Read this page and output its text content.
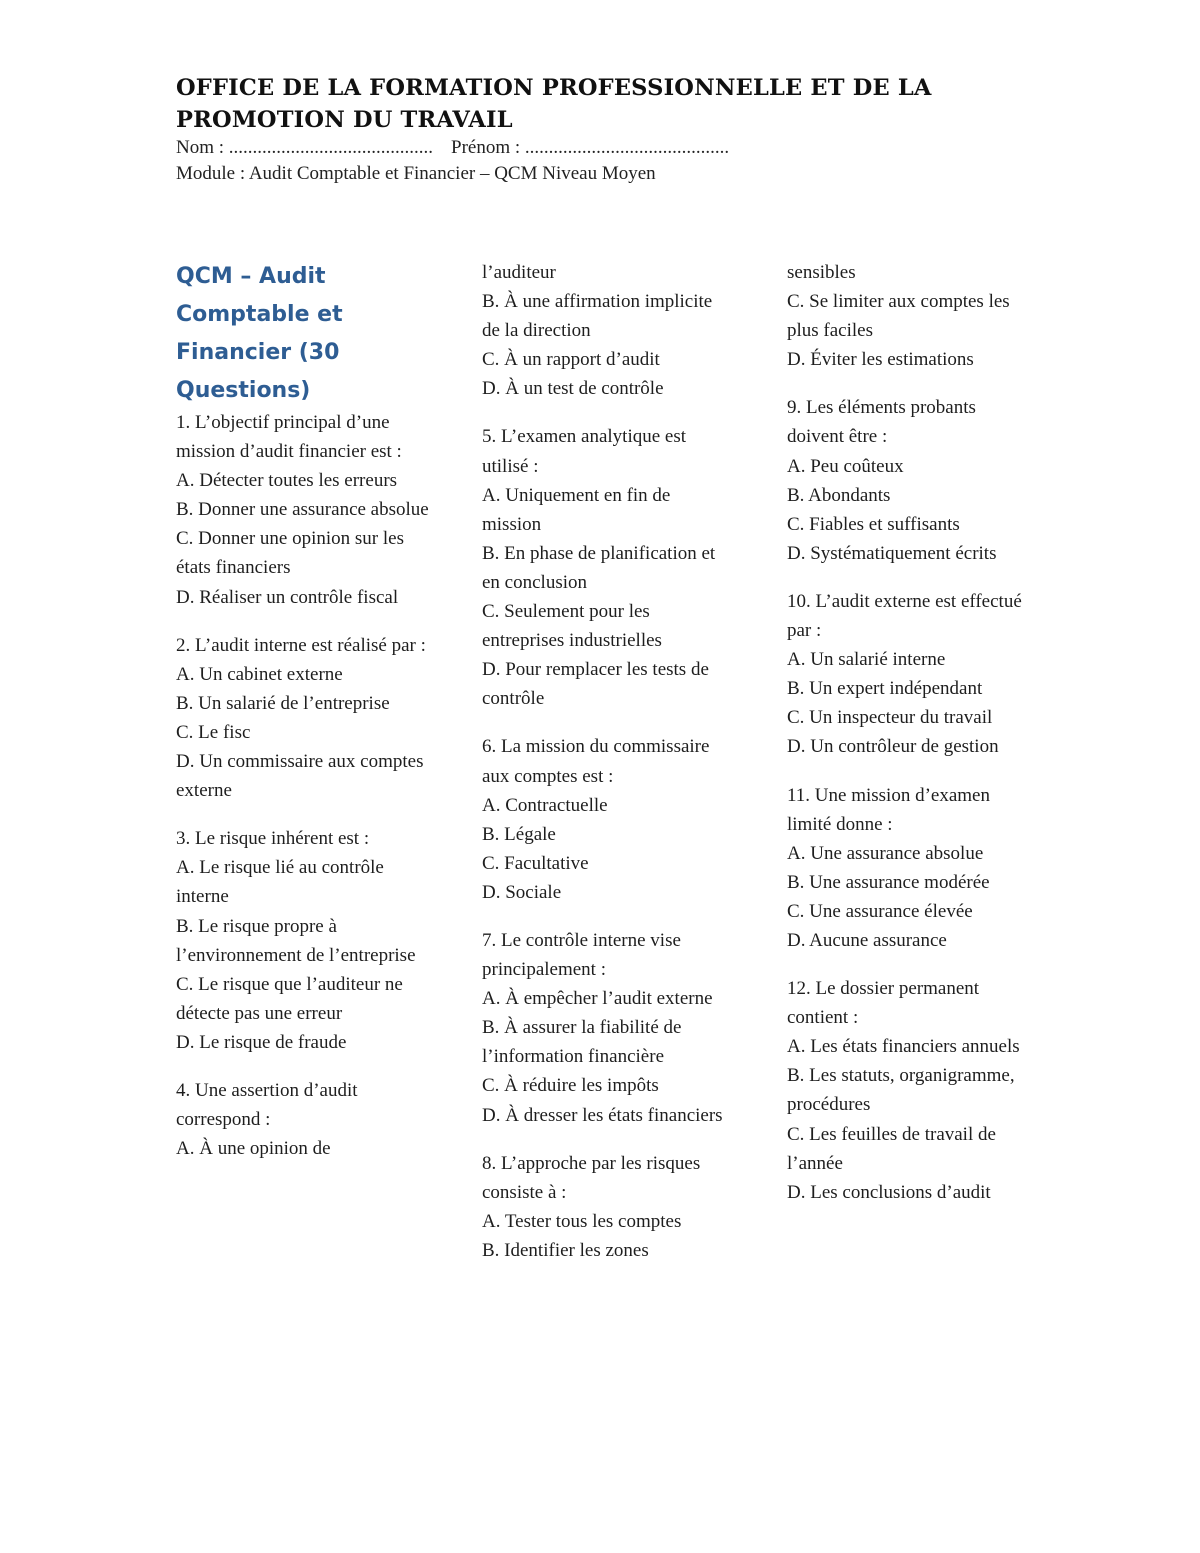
OFFICE DE LA FORMATION PROFESSIONNELLE ET DE LA PROMOTION DU TRAVAIL

Nom : ........................................... Prénom : ...........................................

Module : Audit Comptable et Financier – QCM Niveau Moyen

QCM – Audit Comptable et Financier (30 Questions)

1. L’objectif principal d’une mission d’audit financier est :

A. Détecter toutes les erreurs

B. Donner une assurance absolue

C. Donner une opinion sur les états financiers

D. Réaliser un contrôle fiscal

2. L’audit interne est réalisé par :

A. Un cabinet externe

B. Un salarié de l’entreprise

C. Le fisc

D. Un commissaire aux comptes externe

3. Le risque inhérent est :

A. Le risque lié au contrôle interne

B. Le risque propre à l’environnement de l’entreprise

C. Le risque que l’auditeur ne détecte pas une erreur

D. Le risque de fraude

4. Une assertion d’audit correspond :

A. À une opinion de

l’auditeur

B. À une affirmation implicite de la direction

C. À un rapport d’audit

D. À un test de contrôle

5. L’examen analytique est utilisé :

A. Uniquement en fin de mission

B. En phase de planification et en conclusion

C. Seulement pour les entreprises industrielles

D. Pour remplacer les tests de contrôle

6. La mission du commissaire aux comptes est :

A. Contractuelle

B. Légale

C. Facultative

D. Sociale

7. Le contrôle interne vise principalement :

A. À empêcher l’audit externe

B. À assurer la fiabilité de l’information financière

C. À réduire les impôts

D. À dresser les états financiers

8. L’approche par les risques consiste à :

A. Tester tous les comptes

B. Identifier les zones

sensibles

C. Se limiter aux comptes les plus faciles

D. Éviter les estimations

9. Les éléments probants doivent être :

A. Peu coûteux

B. Abondants

C. Fiables et suffisants

D. Systématiquement écrits

10. L’audit externe est effectué par :

A. Un salarié interne

B. Un expert indépendant

C. Un inspecteur du travail

D. Un contrôleur de gestion

11. Une mission d’examen limité donne :

A. Une assurance absolue

B. Une assurance modérée

C. Une assurance élevée

D. Aucune assurance

12. Le dossier permanent contient :

A. Les états financiers annuels

B. Les statuts, organigramme, procédures

C. Les feuilles de travail de l’année

D. Les conclusions d’audit
